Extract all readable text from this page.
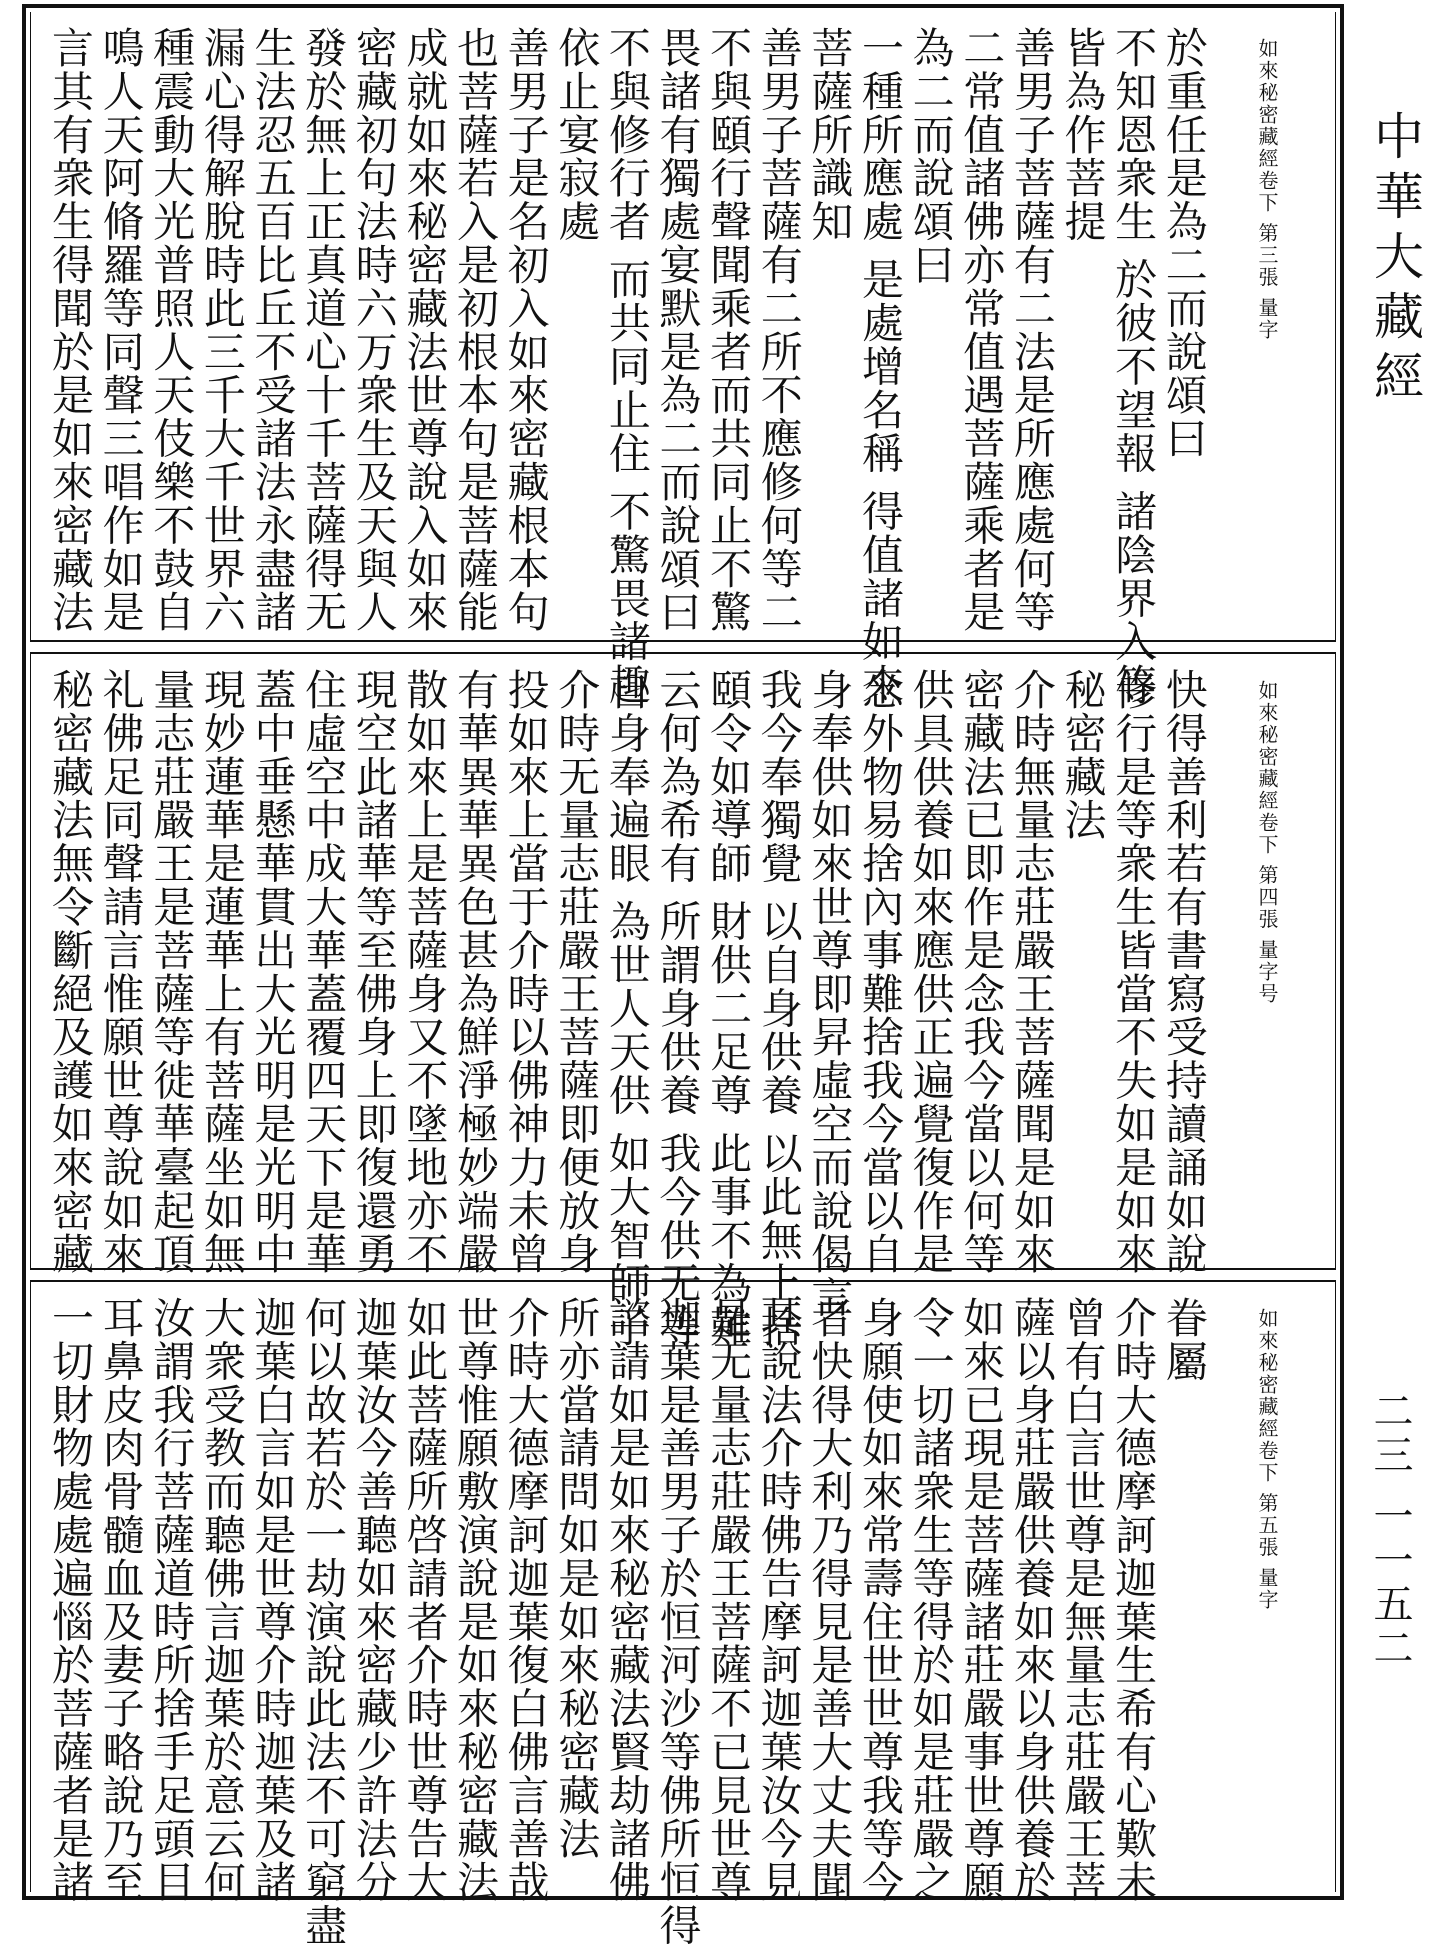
如來秘密藏經卷下 第三張 量字
於重任是為二而說頌曰
不知恩衆生 於彼不望報 諸陰界入等
皆為作菩提
善男子菩薩有二法是所應處何等
二常值諸佛亦常值遇菩薩乘者是
為二而說頌曰
一種所應處 是處增名稱 得值諸如來
菩薩所識知
善男子菩薩有二所不應修何等二
不與頤行聲聞乘者而共同止不驚
畏諸有獨處宴默是為二而說頌曰
不與修行者 而共同止住 不驚畏諸趣
依止宴寂處
善男子是名初入如來密藏根本句
也菩薩若入是初根本句是菩薩能
成就如來秘密藏法世尊說入如來
密藏初句法時六万衆生及天與人
發於無上正真道心十千菩薩得无
生法忍五百比丘不受諸法永盡諸
漏心得解脫時此三千大千世界六
種震動大光普照人天伎樂不鼓自
鳴人天阿脩羅等同聲三唱作如是
言其有衆生得聞於是如來密藏法
如來秘密藏經卷下 第四張 量字号
快得善利若有書寫受持讀誦如說
修行是等衆生皆當不失如是如來
秘密藏法
介時無量志莊嚴王菩薩聞是如來
密藏法已即作是念我今當以何等
供具供養如來應供正遍覺復作是
念外物易捨內事難捨我今當以自
身奉供如來世尊即昇虛空而說偈言
我今奉獨覺 以自身供養 以此無上捨
頤令如導師 財供二足尊 此事不為難
云何為希有 所謂身供養 我今供无等
自身奉遍眼 為世人天供 如大智師子
介時无量志莊嚴王菩薩即便放身
投如來上當于介時以佛神力未曾
有華異華異色甚為鮮淨極妙端嚴
散如來上是菩薩身又不墜地亦不
現空此諸華等至佛身上即復還勇
住虛空中成大華蓋覆四天下是華
蓋中垂懸華貫出大光明是光明中
現妙蓮華是蓮華上有菩薩坐如無
量志莊嚴王是菩薩等徙華臺起頂
礼佛足同聲請言惟願世尊說如來
秘密藏法無令斷絕及護如來密藏
如來秘密藏經卷下 第五張 量字
眷屬
介時大德摩訶迦葉生希有心歎未
曾有白言世尊是無量志莊嚴王菩
薩以身莊嚴供養如來以身供養於
如來已現是菩薩諸莊嚴事世尊願
令一切諸衆生等得於如是莊嚴之
身願使如來常壽住世世尊我等今
者快得大利乃得見是善大丈夫聞
其說法介時佛告摩訶迦葉汝今見
是无量志莊嚴王菩薩不已見世尊
迦葉是善男子於恒河沙等佛所恒得
諮請如是如來秘密藏法賢劫諸佛
所亦當請問如是如來秘密藏法
介時大德摩訶迦葉復白佛言善哉
世尊惟願敷演說是如來秘密藏法
如此菩薩所啓請者介時世尊告大
迦葉汝今善聽如來密藏少許法分
何以故若於一劫演說此法不可窮盡
迦葉白言如是世尊介時迦葉及諸
大衆受教而聽佛言迦葉於意云何
汝謂我行菩薩道時所捨手足頭目
耳鼻皮肉骨髓血及妻子略說乃至
一切財物處處遍惱於菩薩者是諸
中華大藏經
二三 一一五二
